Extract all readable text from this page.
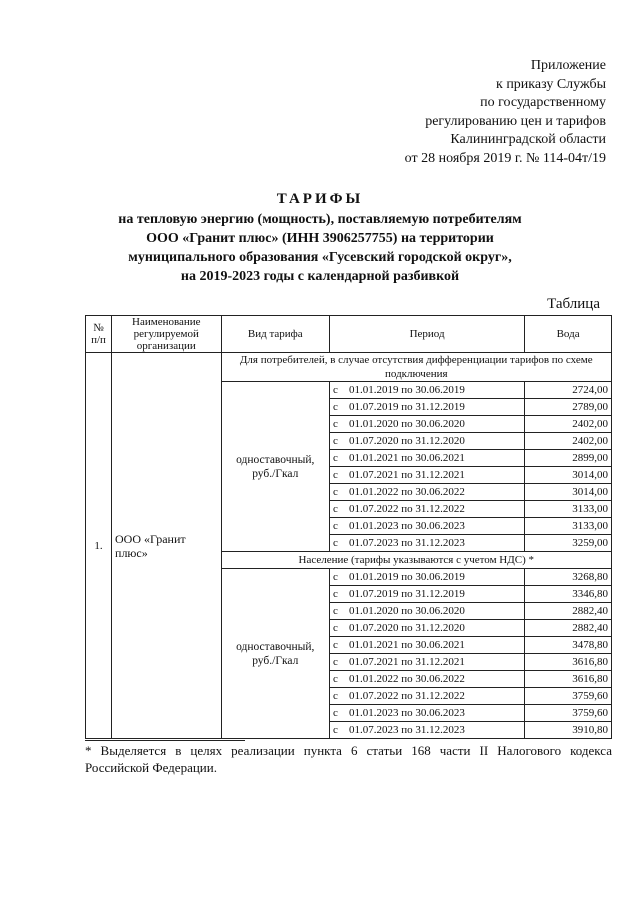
Приложение
к приказу Службы
по государственному
регулированию цен и тарифов
Калининградской области
от 28 ноября 2019 г. № 114-04т/19
ТАРИФЫ
на тепловую энергию (мощность), поставляемую потребителям
ООО «Гранит плюс» (ИНН 3906257755) на территории
муниципального образования «Гусевский городской округ»,
на 2019-2023 годы с календарной разбивкой
Таблица
№ п/п	Наименование регулируемой организации	Вид тарифа	Период	Вода
1.	ООО «Гранит плюс»	Для потребителей, в случае отсутствия дифференциации тарифов по схеме подключения		
		одноставочный, руб./Гкал	с 01.01.2019 по 30.06.2019	2724,00
			с 01.07.2019 по 31.12.2019	2789,00
			с 01.01.2020 по 30.06.2020	2402,00
			с 01.07.2020 по 31.12.2020	2402,00
			с 01.01.2021 по 30.06.2021	2899,00
			с 01.07.2021 по 31.12.2021	3014,00
			с 01.01.2022 по 30.06.2022	3014,00
			с 01.07.2022 по 31.12.2022	3133,00
			с 01.01.2023 по 30.06.2023	3133,00
			с 01.07.2023 по 31.12.2023	3259,00
		Население (тарифы указываются с учетом НДС) *		
		одноставочный, руб./Гкал	с 01.01.2019 по 30.06.2019	3268,80
			с 01.07.2019 по 31.12.2019	3346,80
			с 01.01.2020 по 30.06.2020	2882,40
			с 01.07.2020 по 31.12.2020	2882,40
			с 01.01.2021 по 30.06.2021	3478,80
			с 01.07.2021 по 31.12.2021	3616,80
			с 01.01.2022 по 30.06.2022	3616,80
			с 01.07.2022 по 31.12.2022	3759,60
			с 01.01.2023 по 30.06.2023	3759,60
			с 01.07.2023 по 31.12.2023	3910,80
* Выделяется в целях реализации пункта 6 статьи 168 части II Налогового кодекса
Российской Федерации.
